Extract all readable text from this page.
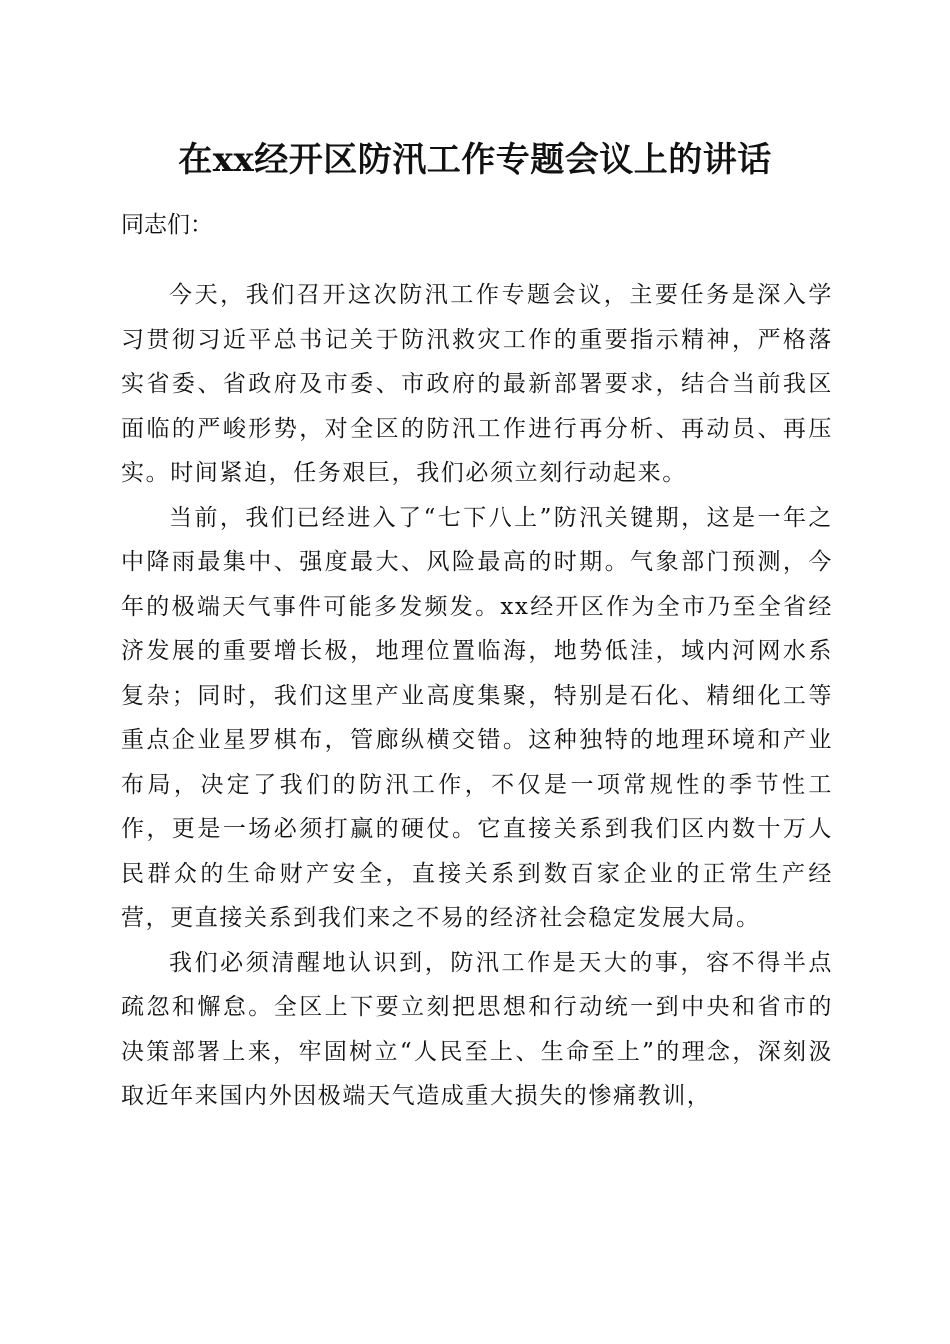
在xx经开区防汛工作专题会议上的讲话

同志们：

今天，我们召开这次防汛工作专题会议，主要任务是深入学习贯彻习近平总书记关于防汛救灾工作的重要指示精神，严格落实省委、省政府及市委、市政府的最新部署要求，结合当前我区面临的严峻形势，对全区的防汛工作进行再分析、再动员、再压实。时间紧迫，任务艰巨，我们必须立刻行动起来。

当前，我们已经进入了“七下八上”防汛关键期，这是一年之中降雨最集中、强度最大、风险最高的时期。气象部门预测，今年的极端天气事件可能多发频发。xx经开区作为全市乃至全省经济发展的重要增长极，地理位置临海，地势低洼，域内河网水系复杂；同时，我们这里产业高度集聚，特别是石化、精细化工等重点企业星罗棋布，管廊纵横交错。这种独特的地理环境和产业布局，决定了我们的防汛工作，不仅是一项常规性的季节性工作，更是一场必须打赢的硬仗。它直接关系到我们区内数十万人民群众的生命财产安全，直接关系到数百家企业的正常生产经营，更直接关系到我们来之不易的经济社会稳定发展大局。

我们必须清醒地认识到，防汛工作是天大的事，容不得半点疏忽和懈怠。全区上下要立刻把思想和行动统一到中央和省市的决策部署上来，牢固树立“人民至上、生命至上”的理念，深刻汲取近年来国内外因极端天气造成重大损失的惨痛教训，
